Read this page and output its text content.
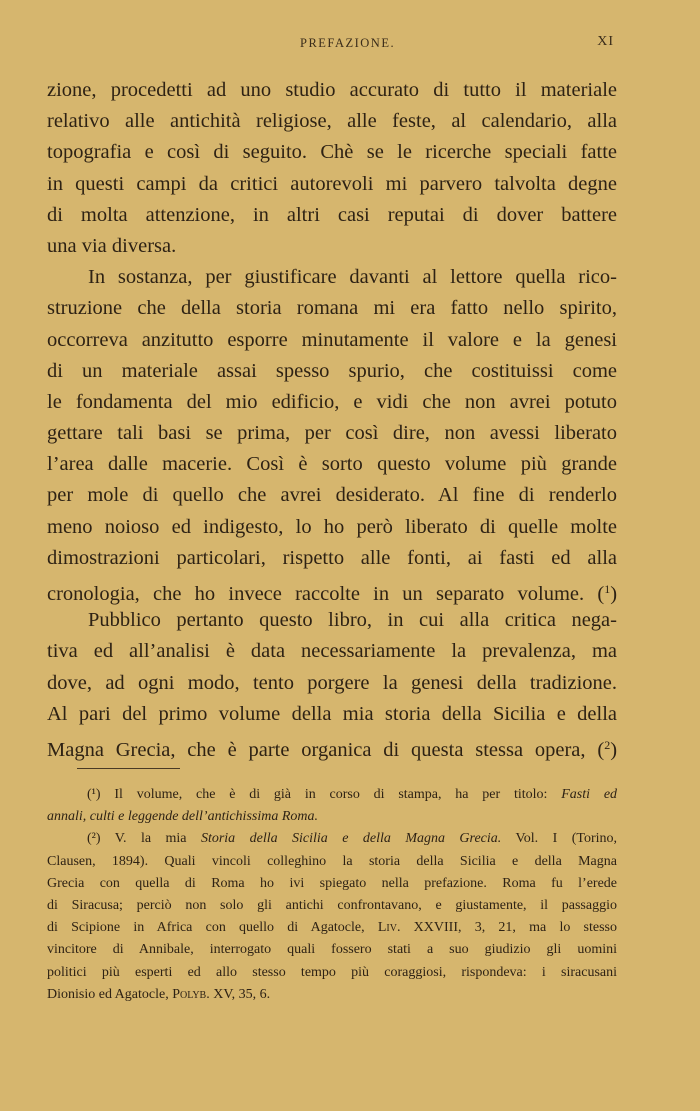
PREFAZIONE.	XI
zione, procedetti ad uno studio accurato di tutto il materiale
relativo alle antichità religiose, alle feste, al calendario, alla
topografia e così di seguito. Chè se le ricerche speciali fatte
in questi campi da critici autorevoli mi parvero talvolta degne
di molta attenzione, in altri casi reputai di dover battere
una via diversa.
In sostanza, per giustificare davanti al lettore quella rico-
struzione che della storia romana mi era fatto nello spirito,
occorreva anzitutto esporre minutamente il valore e la genesi
di un materiale assai spesso spurio, che costituissi come
le fondamenta del mio edificio, e vidi che non avrei potuto
gettare tali basi se prima, per così dire, non avessi liberato
l’area dalle macerie. Così è sorto questo volume più grande
per mole di quello che avrei desiderato. Al fine di renderlo
meno noioso ed indigesto, lo ho però liberato di quelle molte
dimostrazioni particolari, rispetto alle fonti, ai fasti ed alla
cronologia, che ho invece raccolte in un separato volume. ($^1$)
Pubblico pertanto questo libro, in cui alla critica nega-
tiva ed all’analisi è data necessariamente la prevalenza, ma
dove, ad ogni modo, tento porgere la genesi della tradizione.
Al pari del primo volume della mia storia della Sicilia e della
Magna Grecia, che è parte organica di questa stessa opera, ($^2$)
(¹) Il volume, che è di già in corso di stampa, ha per titolo: Fasti ed
annali, culti e leggende dell’antichissima Roma.
(²) V. la mia Storia della Sicilia e della Magna Grecia. Vol. I (Torino,
Clausen, 1894). Quali vincoli colleghino la storia della Sicilia e della Magna
Grecia con quella di Roma ho ivi spiegato nella prefazione. Roma fu l’erede
di Siracusa; perciò non solo gli antichi confrontavano, e giustamente, il passaggio
di Scipione in Africa con quello di Agatocle, Liv. XXVIII, 3, 21, ma lo stesso
vincitore di Annibale, interrogato quali fossero stati a suo giudizio gli uomini
politici più esperti ed allo stesso tempo più coraggiosi, rispondeva: i siracusani
Dionisio ed Agatocle, Polyb. XV, 35, 6.
